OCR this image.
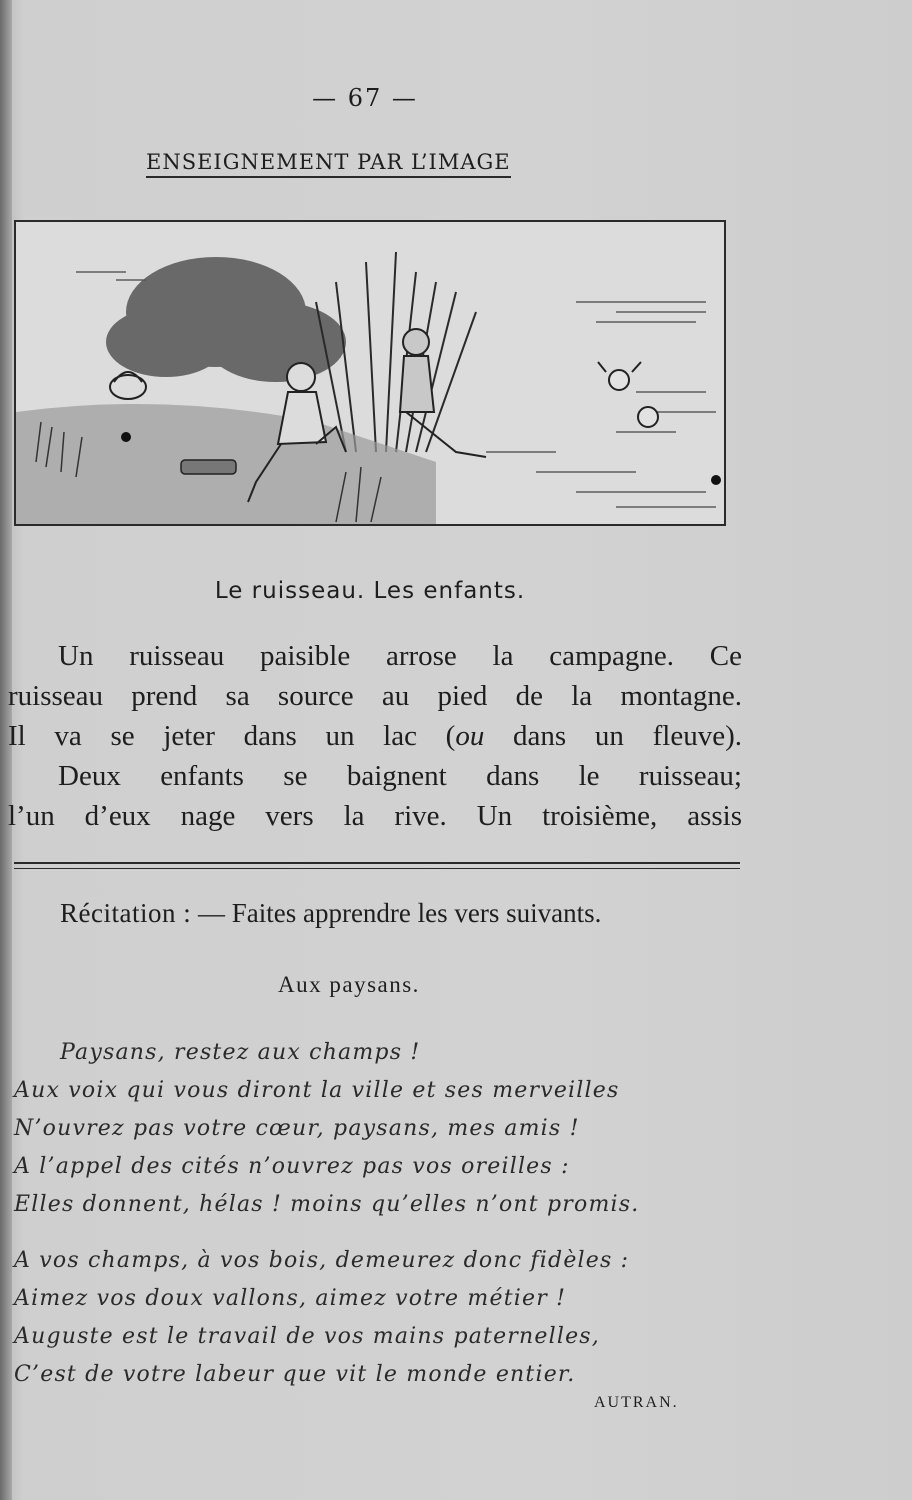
— 67 —
ENSEIGNEMENT PAR L’IMAGE
Le ruisseau. Les enfants.
Un ruisseau paisible arrose la campagne. Ce
ruisseau prend sa source au pied de la montagne.
Il va se jeter dans un lac (ou dans un fleuve).
Deux enfants se baignent dans le ruisseau;
l’un d’eux nage vers la rive. Un troisième, assis
Récitation : — Faites apprendre les vers suivants.
Aux paysans.
Paysans, restez aux champs !
Aux voix qui vous diront la ville et ses merveilles
N’ouvrez pas votre cœur, paysans, mes amis !
A l’appel des cités n’ouvrez pas vos oreilles :
Elles donnent, hélas ! moins qu’elles n’ont promis.
A vos champs, à vos bois, demeurez donc fidèles :
Aimez vos doux vallons, aimez votre métier !
Auguste est le travail de vos mains paternelles,
C’est de votre labeur que vit le monde entier.
AUTRAN.
